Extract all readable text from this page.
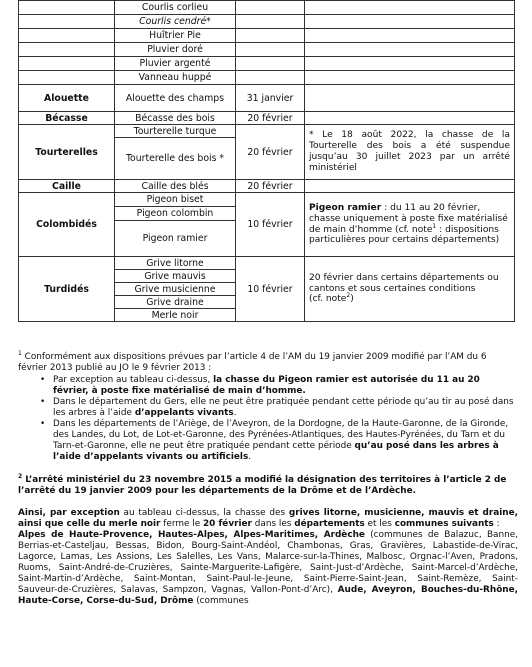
	Courlis corlieu		
	Courlis cendré*		
	Huîtrier Pie		
	Pluvier doré		
	Pluvier argenté		
	Vanneau huppé		
Alouette	Alouette des champs	31 janvier	
Bécasse	Bécasse des bois	20 février	
Tourterelles	Tourterelle turque	20 février	* Le 18 août 2022, la chasse de la Tourterelle des bois a été suspendue jusqu’au 30 juillet 2023 par un arrêté ministériel
	Tourterelle des bois *		
Caille	Caille des blés	20 février	
Colombidés	Pigeon biset	10 février	Pigeon ramier : du 11 au 20 février, chasse uniquement à poste fixe matérialisé de main d’homme (cf. note$^1$ : dispositions particulières pour certains départements)
	Pigeon colombin		
	Pigeon ramier		
Turdidés	Grive litorne	10 février	20 février dans certains départements ou cantons et sous certaines conditions
(cf. note$^2$)
	Grive mauvis		
	Grive musicienne		
	Grive draine		
	Merle noir		

$^1$ Conformément aux dispositions prévues par l’article 4 de l’AM du 19 janvier 2009 modifié par l’AM du 6 février 2013 publié au JO le 9 février 2013 :

• Par exception au tableau ci-dessus, la chasse du Pigeon ramier est autorisée du 11 au 20 février, à poste fixe matérialisé de main d’homme.
• Dans le département du Gers, elle ne peut être pratiquée pendant cette période qu’au tir au posé dans les arbres à l’aide d’appelants vivants.
• Dans les départements de l’Ariège, de l’Aveyron, de la Dordogne, de la Haute-Garonne, de la Gironde, des Landes, du Lot, de Lot-et-Garonne, des Pyrénées-Atlantiques, des Hautes-Pyrénées, du Tarn et du Tarn-et-Garonne, elle ne peut être pratiquée pendant cette période qu’au posé dans les arbres à l’aide d’appelants vivants ou artificiels.

$^2$ L’arrêté ministériel du 23 novembre 2015 a modifié la désignation des territoires à l’article 2 de l’arrêté du 19 janvier 2009 pour les départements de la Drôme et de l’Ardèche.

Ainsi, par exception au tableau ci-dessus, la chasse des grives litorne, musicienne, mauvis et draine, ainsi que celle du merle noir ferme le 20 février dans les départements et les communes suivants :
Alpes de Haute-Provence, Hautes-Alpes, Alpes-Maritimes, Ardèche (communes de Balazuc, Banne, Berrias-et-Casteljau, Bessas, Bidon, Bourg-Saint-Andéol, Chambonas, Gras, Gravières, Labastide-de-Virac, Lagorce, Lamas, Les Assions, Les Salelles, Les Vans, Malarce-sur-la-Thines, Malbosc, Orgnac-l’Aven, Pradons, Ruoms, Saint-André-de-Cruzières, Sainte-Marguerite-Lafigère, Saint-Just-d’Ardèche, Saint-Marcel-d’Ardèche, Saint-Martin-d’Ardèche, Saint-Montan, Saint-Paul-le-Jeune, Saint-Pierre-Saint-Jean, Saint-Remèze, Saint-Sauveur-de-Cruzières, Salavas, Sampzon, Vagnas, Vallon-Pont-d’Arc), Aude, Aveyron, Bouches-du-Rhône, Haute-Corse, Corse-du-Sud, Drôme (communes
